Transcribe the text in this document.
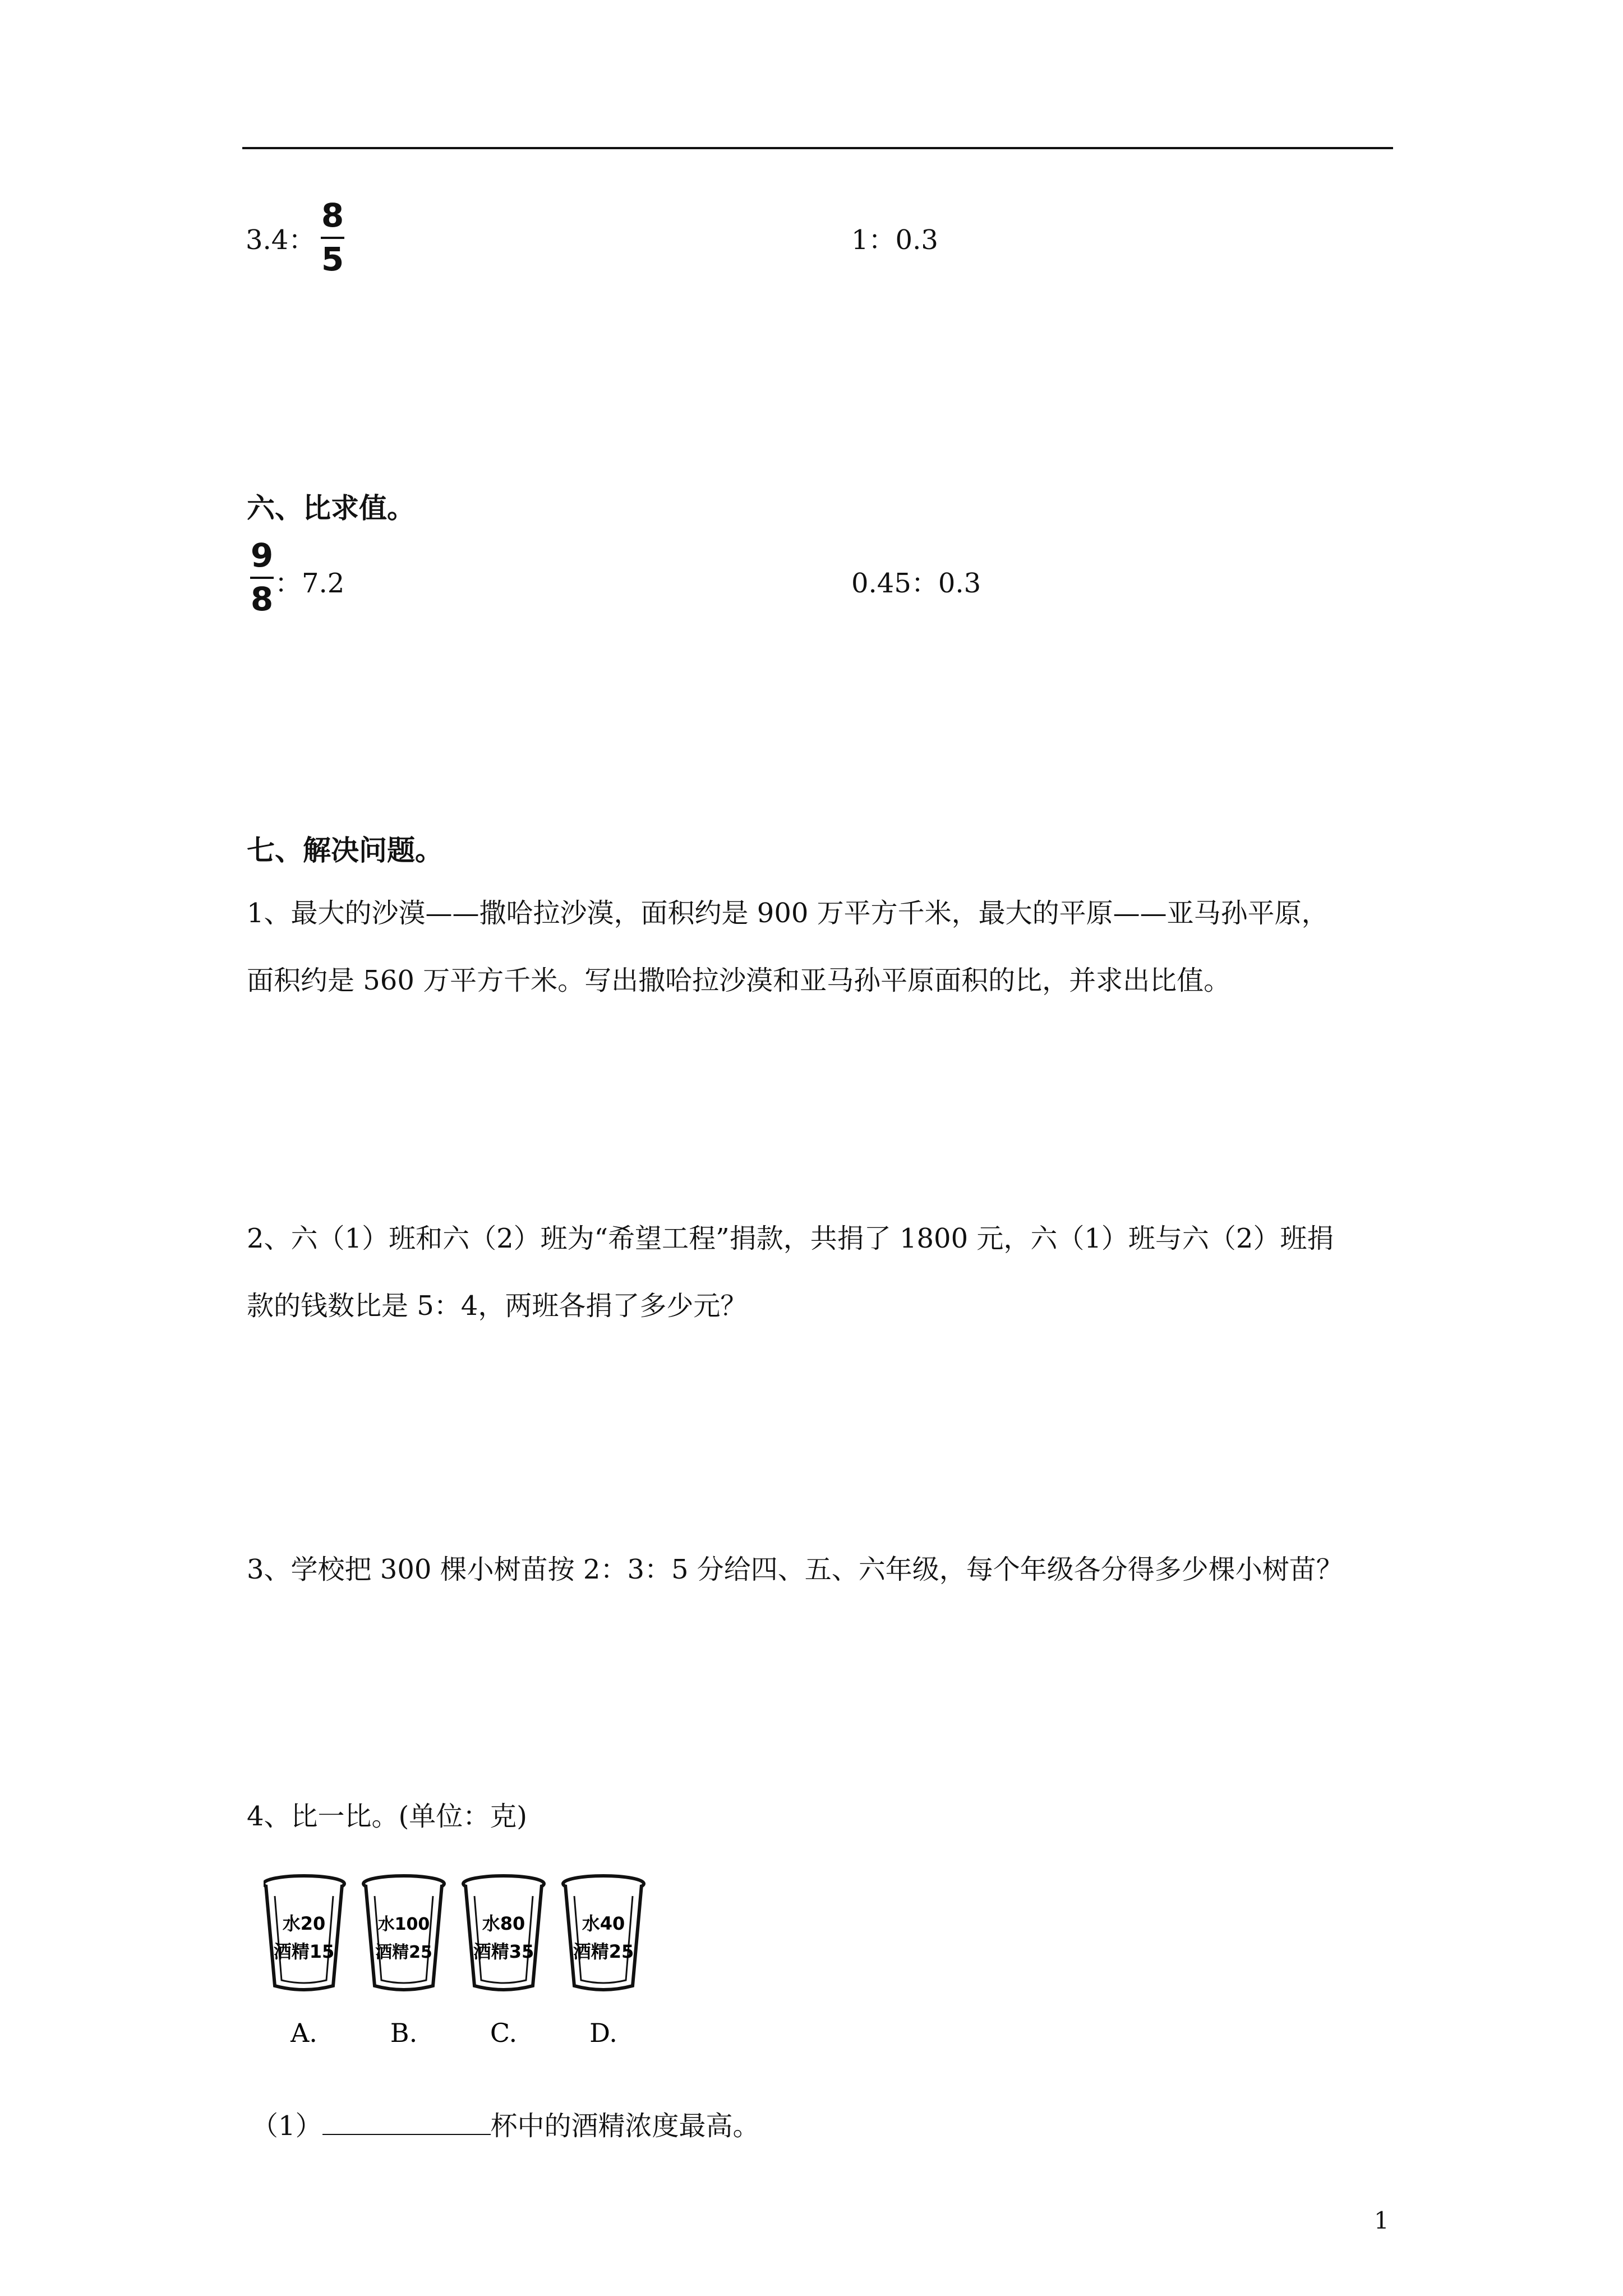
3.4：
8
5	1：0.3
六、比求值。
9
8 ：7.2	0.45：0.3
七、解决问题。
1、最大的沙漠——撒哈拉沙漠，面积约是 900 万平方千米，最大的平原——亚马孙平原，
面积约是 560 万平方千米。写出撒哈拉沙漠和亚马孙平原面积的比，并求出比值。
2、六（1）班和六（2）班为“希望工程”捐款，共捐了 1800 元，六（1）班与六（2）班捐
款的钱数比是 5：4，两班各捐了多少元？
3、学校把 300 棵小树苗按 2：3：5 分给四、五、六年级，每个年级各分得多少棵小树苗？
4、比一比。(单位：克)
水20
酒精15
A.
水100
酒精25
B.
水80
酒精35
C.
水40
酒精25
D.
（1）	杯中的酒精浓度最高。
1
